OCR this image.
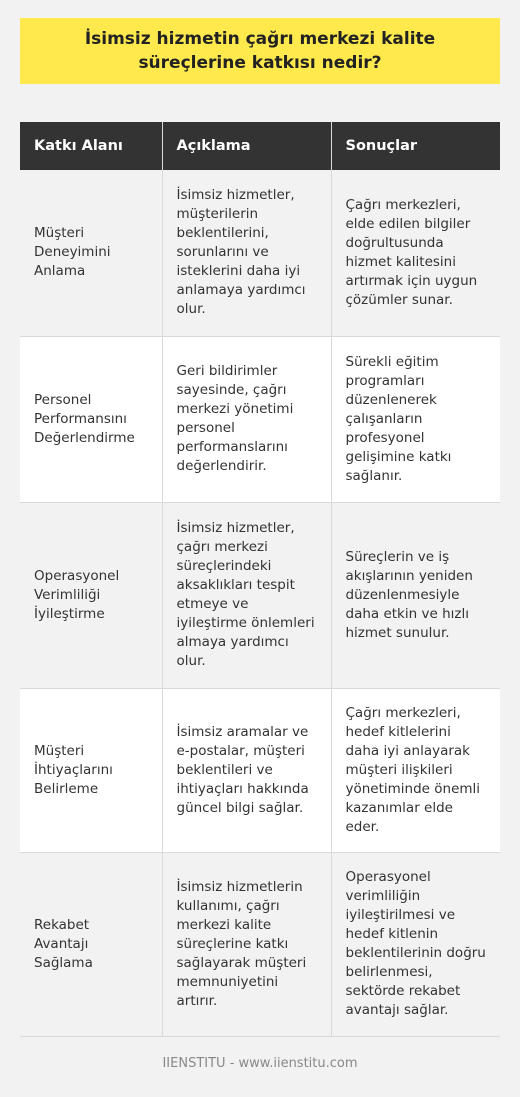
İsimsiz hizmetin çağrı merkezi kalite süreçlerine katkısı nedir?
Katkı Alanı	Açıklama	Sonuçlar
Müşteri Deneyimini Anlama	İsimsiz hizmetler, müşterilerin beklentilerini, sorunlarını ve isteklerini daha iyi anlamaya yardımcı olur.	Çağrı merkezleri, elde edilen bilgiler doğrultusunda hizmet kalitesini artırmak için uygun çözümler sunar.
Personel Performansını Değerlendirme	Geri bildirimler sayesinde, çağrı merkezi yönetimi personel performanslarını değerlendirir.	Sürekli eğitim programları düzenlenerek çalışanların profesyonel gelişimine katkı sağlanır.
Operasyonel Verimliliği İyileştirme	İsimsiz hizmetler, çağrı merkezi süreçlerindeki aksaklıkları tespit etmeye ve iyileştirme önlemleri almaya yardımcı olur.	Süreçlerin ve iş akışlarının yeniden düzenlenmesiyle daha etkin ve hızlı hizmet sunulur.
Müşteri İhtiyaçlarını Belirleme	İsimsiz aramalar ve e-postalar, müşteri beklentileri ve ihtiyaçları hakkında güncel bilgi sağlar.	Çağrı merkezleri, hedef kitlelerini daha iyi anlayarak müşteri ilişkileri yönetiminde önemli kazanımlar elde eder.
Rekabet Avantajı Sağlama	İsimsiz hizmetlerin kullanımı, çağrı merkezi kalite süreçlerine katkı sağlayarak müşteri memnuniyetini artırır.	Operasyonel verimliliğin iyileştirilmesi ve hedef kitlenin beklentilerinin doğru belirlenmesi, sektörde rekabet avantajı sağlar.
IIENSTITU - www.iienstitu.com
